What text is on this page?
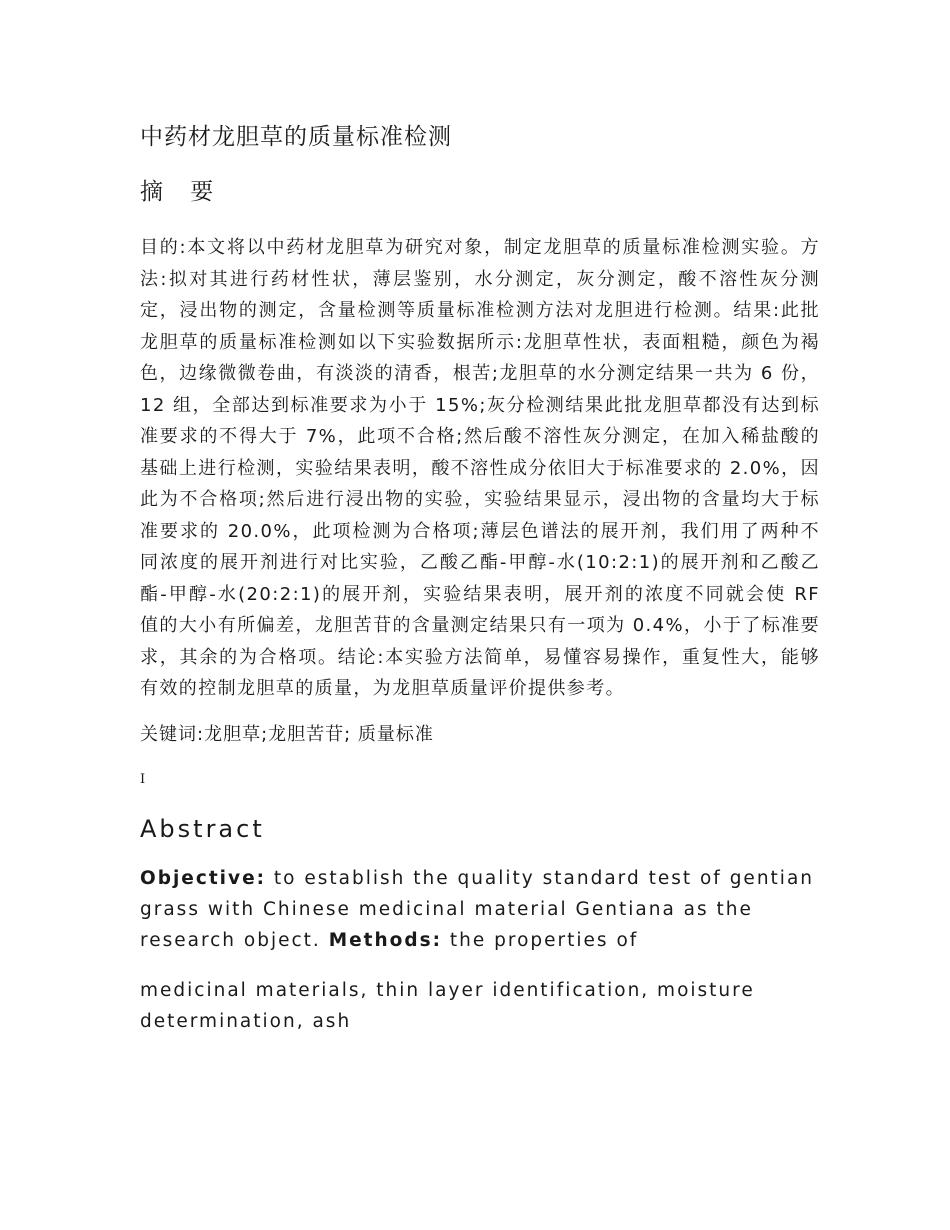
中药材龙胆草的质量标准检测
摘 要

目的:本文将以中药材龙胆草为研究对象，制定龙胆草的质量标准检测实验。方法:拟对其进行药材性状，薄层鉴别，水分测定，灰分测定，酸不溶性灰分测定，浸出物的测定，含量检测等质量标准检测方法对龙胆进行检测。结果:此批龙胆草的质量标准检测如以下实验数据所示:龙胆草性状，表面粗糙，颜色为褐色，边缘微微卷曲，有淡淡的清香，根苦;龙胆草的水分测定结果一共为 6 份，12 组，全部达到标准要求为小于 15%;灰分检测结果此批龙胆草都没有达到标准要求的不得大于 7%，此项不合格;然后酸不溶性灰分测定，在加入稀盐酸的基础上进行检测，实验结果表明，酸不溶性成分依旧大于标准要求的 2.0%，因此为不合格项;然后进行浸出物的实验，实验结果显示，浸出物的含量均大于标准要求的 20.0%，此项检测为合格项;薄层色谱法的展开剂，我们用了两种不同浓度的展开剂进行对比实验，乙酸乙酯-甲醇-水(10:2:1)的展开剂和乙酸乙酯-甲醇-水(20:2:1)的展开剂，实验结果表明，展开剂的浓度不同就会使 RF 值的大小有所偏差，龙胆苦苷的含量测定结果只有一项为 0.4%，小于了标准要求，其余的为合格项。结论:本实验方法简单，易懂容易操作，重复性大，能够有效的控制龙胆草的质量，为龙胆草质量评价提供参考。

关键词:龙胆草;龙胆苦苷; 质量标准

I

Abstract

Objective: to establish the quality standard test of gentian grass with Chinese medicinal material Gentiana as the research object. Methods: the properties of

medicinal materials, thin layer identification, moisture determination, ash
